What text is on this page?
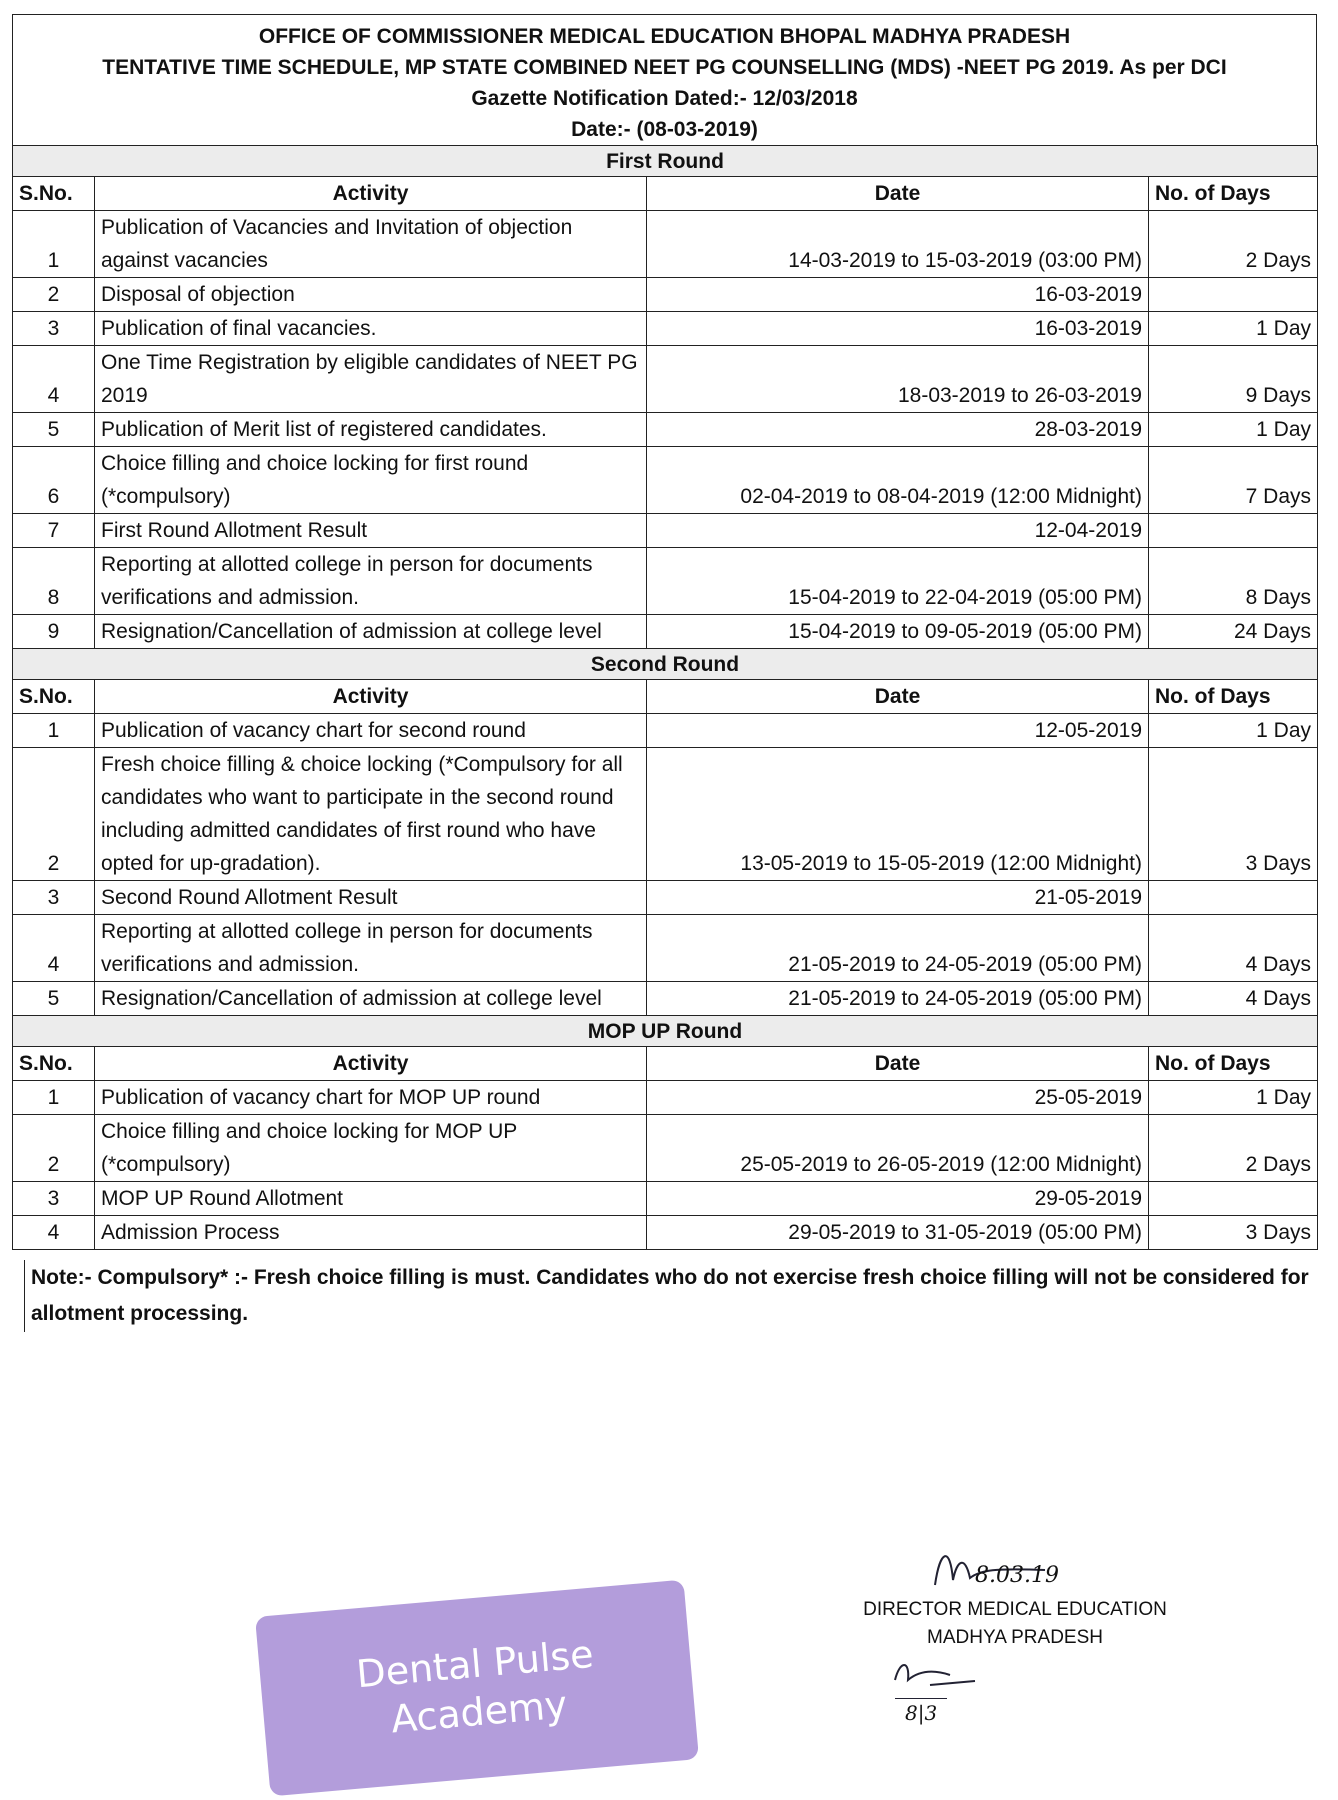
OFFICE OF COMMISSIONER MEDICAL EDUCATION BHOPAL MADHYA PRADESH
TENTATIVE TIME SCHEDULE, MP STATE COMBINED NEET PG COUNSELLING (MDS) -NEET PG 2019. As per DCI
Gazette Notification Dated:- 12/03/2018
Date:- (08-03-2019)
First Round			
S.No.	Activity	Date	No. of Days
1	Publication of Vacancies and Invitation of objection against vacancies	14-03-2019 to 15-03-2019 (03:00 PM)	2 Days
2	Disposal of objection	16-03-2019	
3	Publication of final vacancies.	16-03-2019	1 Day
4	One Time Registration by eligible candidates of NEET PG 2019	18-03-2019 to 26-03-2019	9 Days
5	Publication of Merit list of registered candidates.	28-03-2019	1 Day
6	Choice filling and choice locking for first round (*compulsory)	02-04-2019 to 08-04-2019 (12:00 Midnight)	7 Days
7	First Round Allotment Result	12-04-2019	
8	Reporting at allotted college in person for documents verifications and admission.	15-04-2019 to 22-04-2019 (05:00 PM)	8 Days
9	Resignation/Cancellation of admission at college level	15-04-2019 to 09-05-2019 (05:00 PM)	24 Days
Second Round			
S.No.	Activity	Date	No. of Days
1	Publication of vacancy chart for second round	12-05-2019	1 Day
2	Fresh choice filling & choice locking (*Compulsory for all candidates who want to participate in the second round including admitted candidates of first round who have opted for up-gradation).	13-05-2019 to 15-05-2019 (12:00 Midnight)	3 Days
3	Second Round Allotment Result	21-05-2019	
4	Reporting at allotted college in person for documents verifications and admission.	21-05-2019 to 24-05-2019 (05:00 PM)	4 Days
5	Resignation/Cancellation of admission at college level	21-05-2019 to 24-05-2019 (05:00 PM)	4 Days
MOP UP Round			
S.No.	Activity	Date	No. of Days
1	Publication of vacancy chart for MOP UP round	25-05-2019	1 Day
2	Choice filling and choice locking for MOP UP (*compulsory)	25-05-2019 to 26-05-2019 (12:00 Midnight)	2 Days
3	MOP UP Round Allotment	29-05-2019	
4	Admission Process	29-05-2019 to 31-05-2019 (05:00 PM)	3 Days
Note:- Compulsory* :- Fresh choice filling is must. Candidates who do not exercise fresh choice filling will not be considered for allotment processing.
Dental Pulse
Academy
8.03.19
DIRECTOR MEDICAL EDUCATION
MADHYA PRADESH
8|3
